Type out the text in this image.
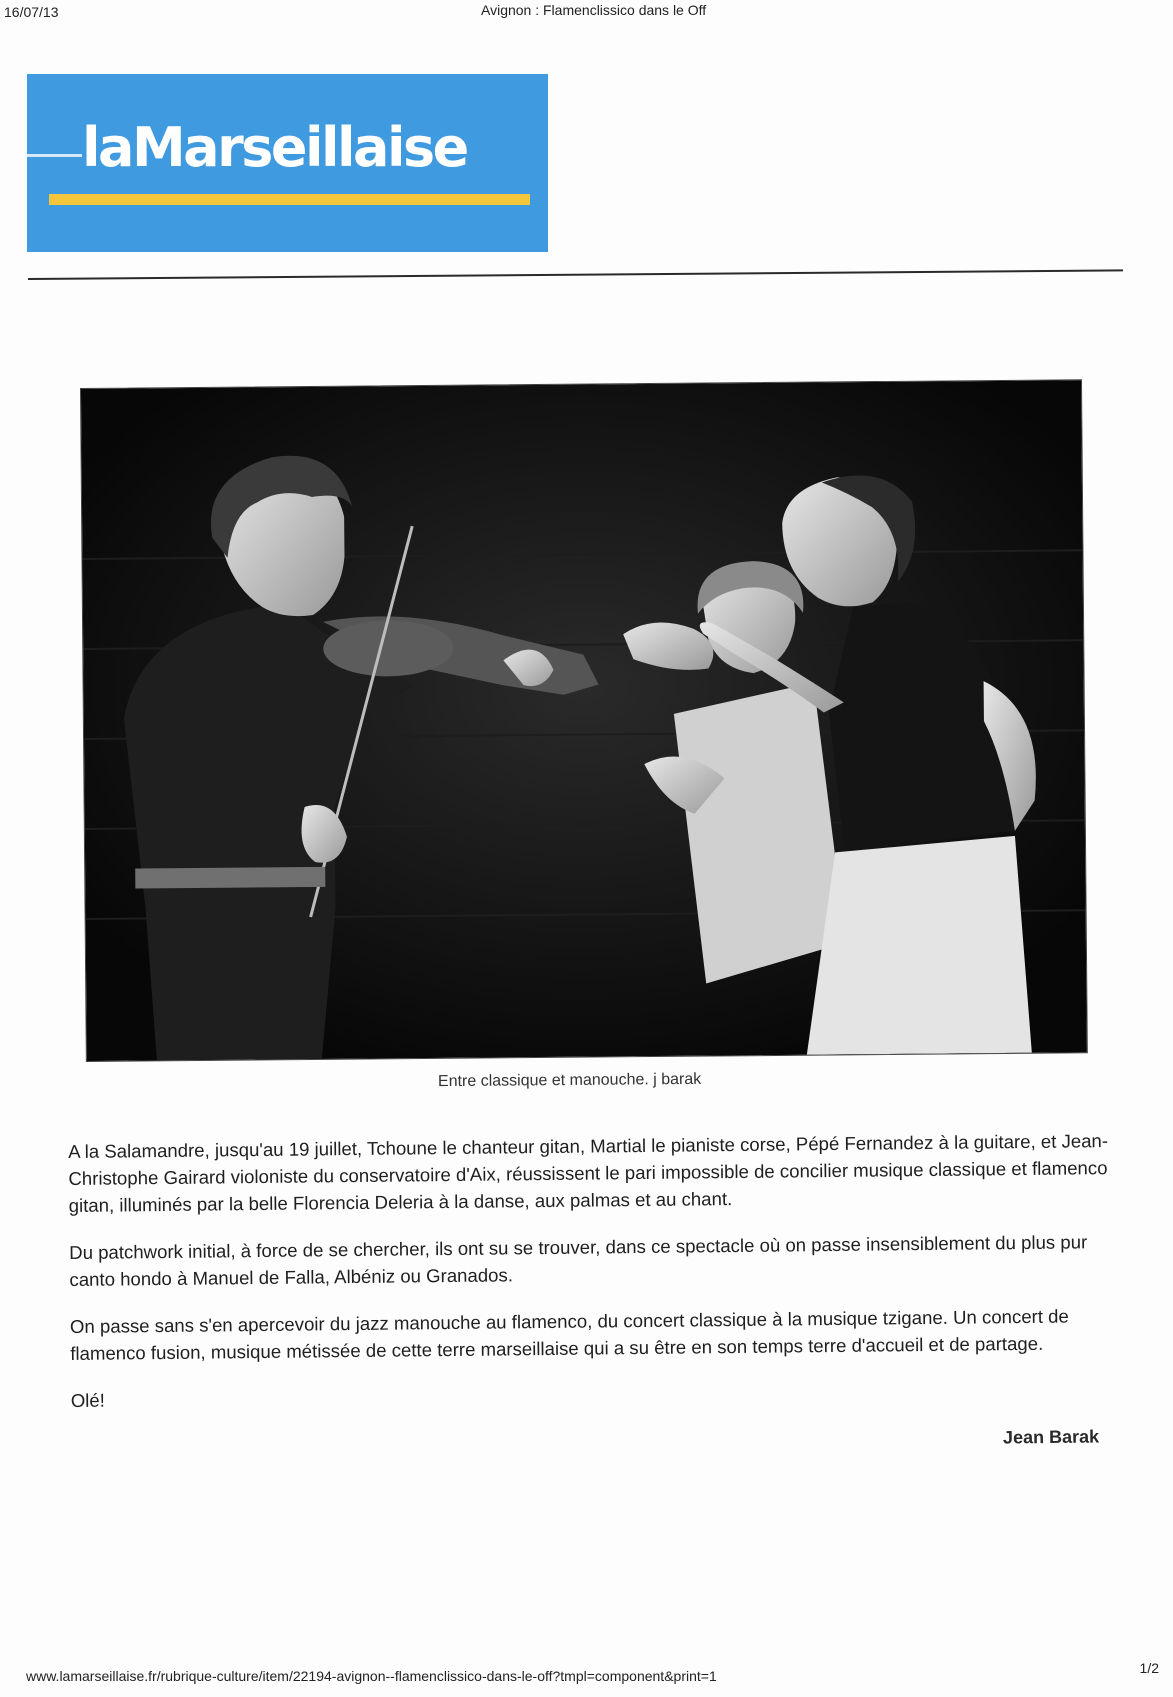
16/07/13	Avignon : Flamenclissico dans le Off
laMarseillaise
Entre classique et manouche. j barak

A la Salamandre, jusqu'au 19 juillet, Tchoune le chanteur gitan, Martial le pianiste corse, Pépé Fernandez à la guitare, et Jean-Christophe Gairard violoniste du conservatoire d'Aix, réussissent le pari impossible de concilier musique classique et flamenco gitan, illuminés par la belle Florencia Deleria à la danse, aux palmas et au chant.

Du patchwork initial, à force de se chercher, ils ont su se trouver, dans ce spectacle où on passe insensiblement du plus pur canto hondo à Manuel de Falla, Albéniz ou Granados.

On passe sans s'en apercevoir du jazz manouche au flamenco, du concert classique à la musique tzigane. Un concert de flamenco fusion, musique métissée de cette terre marseillaise qui a su être en son temps terre d'accueil et de partage.

Olé!

Jean Barak
www.lamarseillaise.fr/rubrique-culture/item/22194-avignon--flamenclissico-dans-le-off?tmpl=component&print=1	1/2
